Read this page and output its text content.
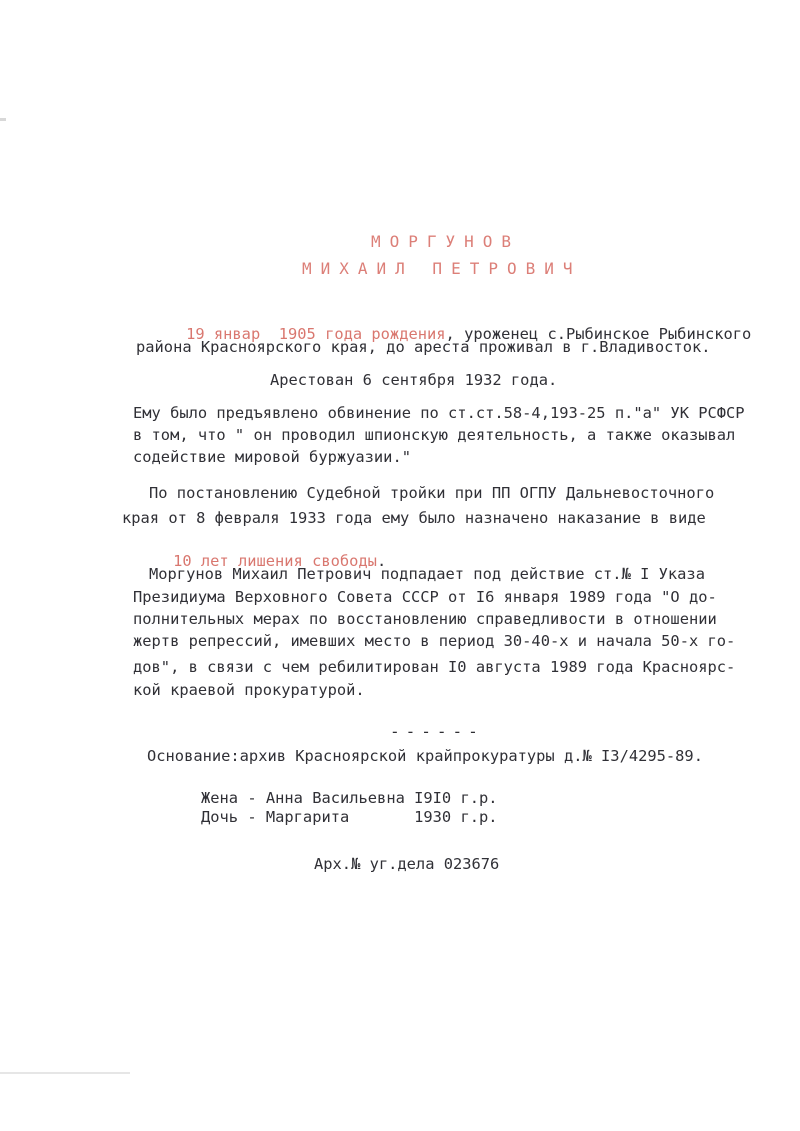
МОРГУНОВ
МИХАИЛ ПЕТРОВИЧ

19 январ  1905 года рождения, уроженец с.Рыбинское Рыбинского

района Красноярского края, до ареста проживал в г.Владивосток.
Арестован 6 сентября 1932 года.
Ему было предъявлено обвинение по ст.ст.58-4,193-25 п."а" УК РСФСР
в том, что " он проводил шпионскую деятельность, а также оказывал
содействие мировой буржуазии."
По постановлению Судебной тройки при ПП ОГПУ Дальневосточного
края от 8 февраля 1933 года ему было назначено наказание в виде

10 лет лишения свободы.

Моргунов Михаил Петрович подпадает под действие ст.№ I Указа
Президиума Верховного Совета СССР от I6 января 1989 года "О до-
полнительных мерах по восстановлению справедливости в отношении
жертв репрессий, имевших место в период 30-40-х и начала 50-х го-
дов", в связи с чем ребилитирован I0 августа 1989 года Красноярс-
кой краевой прокуратурой.
------
Основание:архив Красноярской крайпрокуратуры д.№ I3/4295-89.
Жена - Анна Васильевна I9I0 г.р.
Дочь - Маргарита       1930 г.р.
Арх.№ уг.дела 023676
